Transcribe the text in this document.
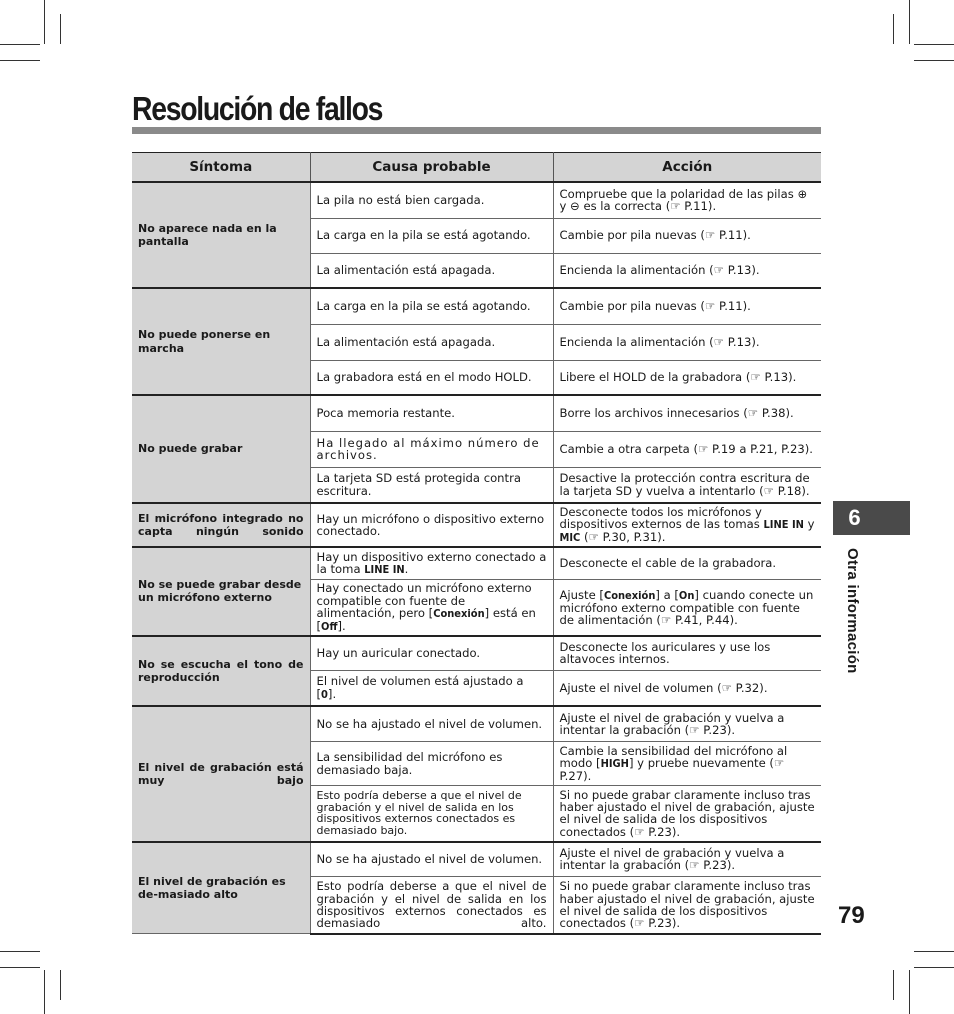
Resolución de fallos
Síntoma	Causa probable	Acción
No aparece nada en la pantalla	La pila no está bien cargada.	Compruebe que la polaridad de las pilas ⊕ y ⊖ es la correcta (☞ P.11).
	La carga en la pila se está agotando.	Cambie por pila nuevas (☞ P.11).
	La alimentación está apagada.	Encienda la alimentación (☞ P.13).
No puede ponerse en marcha	La carga en la pila se está agotando.	Cambie por pila nuevas (☞ P.11).
	La alimentación está apagada.	Encienda la alimentación (☞ P.13).
	La grabadora está en el modo HOLD.	Libere el HOLD de la grabadora (☞ P.13).
No puede grabar	Poca memoria restante.	Borre los archivos innecesarios (☞ P.38).
	Ha llegado al máximo número de archivos.	Cambie a otra carpeta (☞ P.19 a P.21, P.23).
	La tarjeta SD está protegida contra escritura.	Desactive la protección contra escritura de la tarjeta SD y vuelva a intentarlo (☞ P.18).

El micrófono integrado no capta ningún sonido	Hay un micrófono o dispositivo externo conectado.	Desconecte todos los micrófonos y dispositivos externos de las tomas LINE IN y MIC (☞ P.30, P.31).
No se puede grabar desde un micrófono externo	Hay un dispositivo externo conectado a la toma LINE IN.	Desconecte el cable de la grabadora.
	Hay conectado un micrófono externo compatible con fuente de alimentación, pero [Conexión] está en [Off].	Ajuste [Conexión] a [On] cuando conecte un micrófono externo compatible con fuente de alimentación (☞ P.41, P.44).

No se escucha el tono de reproducción	Hay un auricular conectado.	Desconecte los auriculares y use los altavoces internos.
	El nivel de volumen está ajustado a [0].	Ajuste el nivel de volumen (☞ P.32).

El nivel de grabación está muy bajo	No se ha ajustado el nivel de volumen.	Ajuste el nivel de grabación y vuelva a intentar la grabación (☞ P.23).
	La sensibilidad del micrófono es demasiado baja.	Cambie la sensibilidad del micrófono al modo [HIGH] y pruebe nuevamente (☞ P.27).
	Esto podría deberse a que el nivel de grabación y el nivel de salida en los dispositivos externos conectados es demasiado bajo.	Si no puede grabar claramente incluso tras haber ajustado el nivel de grabación, ajuste el nivel de salida de los dispositivos conectados (☞ P.23).
El nivel de grabación es de-masiado alto	No se ha ajustado el nivel de volumen.	Ajuste el nivel de grabación y vuelva a intentar la grabación (☞ P.23).
	Esto podría deberse a que el nivel de grabación y el nivel de salida en los dispositivos externos conectados es demasiado alto.	Si no puede grabar claramente incluso tras haber ajustado el nivel de grabación, ajuste el nivel de salida de los dispositivos conectados (☞ P.23).
6
Otra información
79
